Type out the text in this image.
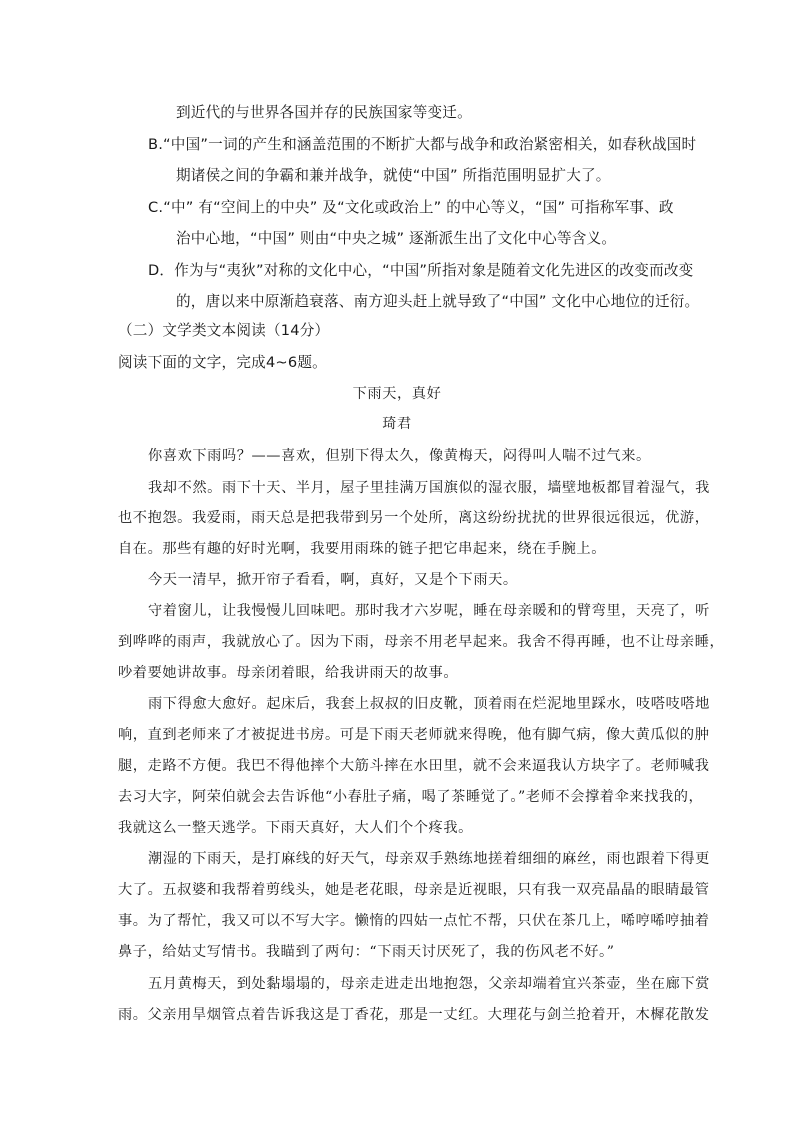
到近代的与世界各国并存的民族国家等变迁。
B.“中国”一词的产生和涵盖范围的不断扩大都与战争和政治紧密相关，如春秋战国时
期诸侯之间的争霸和兼并战争，就使“中国” 所指范围明显扩大了。
C.“中” 有“空间上的中央” 及“文化或政治上” 的中心等义，“国” 可指称军事、政
治中心地，“中国” 则由“中央之城” 逐渐派生出了文化中心等含义。
D．作为与“夷狄”对称的文化中心，“中国”所指对象是随着文化先进区的改变而改变
的，唐以来中原渐趋衰落、南方迎头赶上就导致了“中国” 文化中心地位的迁衍。
（二）文学类文本阅读（14分）
阅读下面的文字，完成4~6题。
下雨天，真好
琦君
你喜欢下雨吗？——喜欢，但别下得太久，像黄梅天，闷得叫人喘不过气来。
我却不然。雨下十天、半月，屋子里挂满万国旗似的湿衣服，墙壁地板都冒着湿气，我
也不抱怨。我爱雨，雨天总是把我带到另一个处所，离这纷纷扰扰的世界很远很远，优游，
自在。那些有趣的好时光啊，我要用雨珠的链子把它串起来，绕在手腕上。
今天一清早，掀开帘子看看，啊，真好，又是个下雨天。
守着窗儿，让我慢慢儿回味吧。那时我才六岁呢，睡在母亲暖和的臂弯里，天亮了，听
到哗哗的雨声，我就放心了。因为下雨，母亲不用老早起来。我舍不得再睡，也不让母亲睡，
吵着要她讲故事。母亲闭着眼，给我讲雨天的故事。
雨下得愈大愈好。起床后，我套上叔叔的旧皮靴，顶着雨在烂泥地里踩水，吱嗒吱嗒地
响，直到老师来了才被捉进书房。可是下雨天老师就来得晚，他有脚气病，像大黄瓜似的肿
腿，走路不方便。我巴不得他摔个大筋斗摔在水田里，就不会来逼我认方块字了。老师喊我
去习大字，阿荣伯就会去告诉他“小春肚子痛，喝了茶睡觉了。”老师不会撑着伞来找我的，
我就这么一整天逃学。下雨天真好，大人们个个疼我。
潮湿的下雨天，是打麻线的好天气，母亲双手熟练地搓着细细的麻丝，雨也跟着下得更
大了。五叔婆和我帮着剪线头，她是老花眼，母亲是近视眼，只有我一双亮晶晶的眼睛最管
事。为了帮忙，我又可以不写大字。懒惰的四姑一点忙不帮，只伏在茶几上，唏哼唏哼抽着
鼻子，给姑丈写情书。我瞄到了两句：“下雨天讨厌死了，我的伤风老不好。”
五月黄梅天，到处黏塌塌的，母亲走进走出地抱怨，父亲却端着宜兴茶壶，坐在廊下赏
雨。父亲用旱烟管点着告诉我这是丁香花，那是一丈红。大理花与剑兰抢着开，木樨花散发
